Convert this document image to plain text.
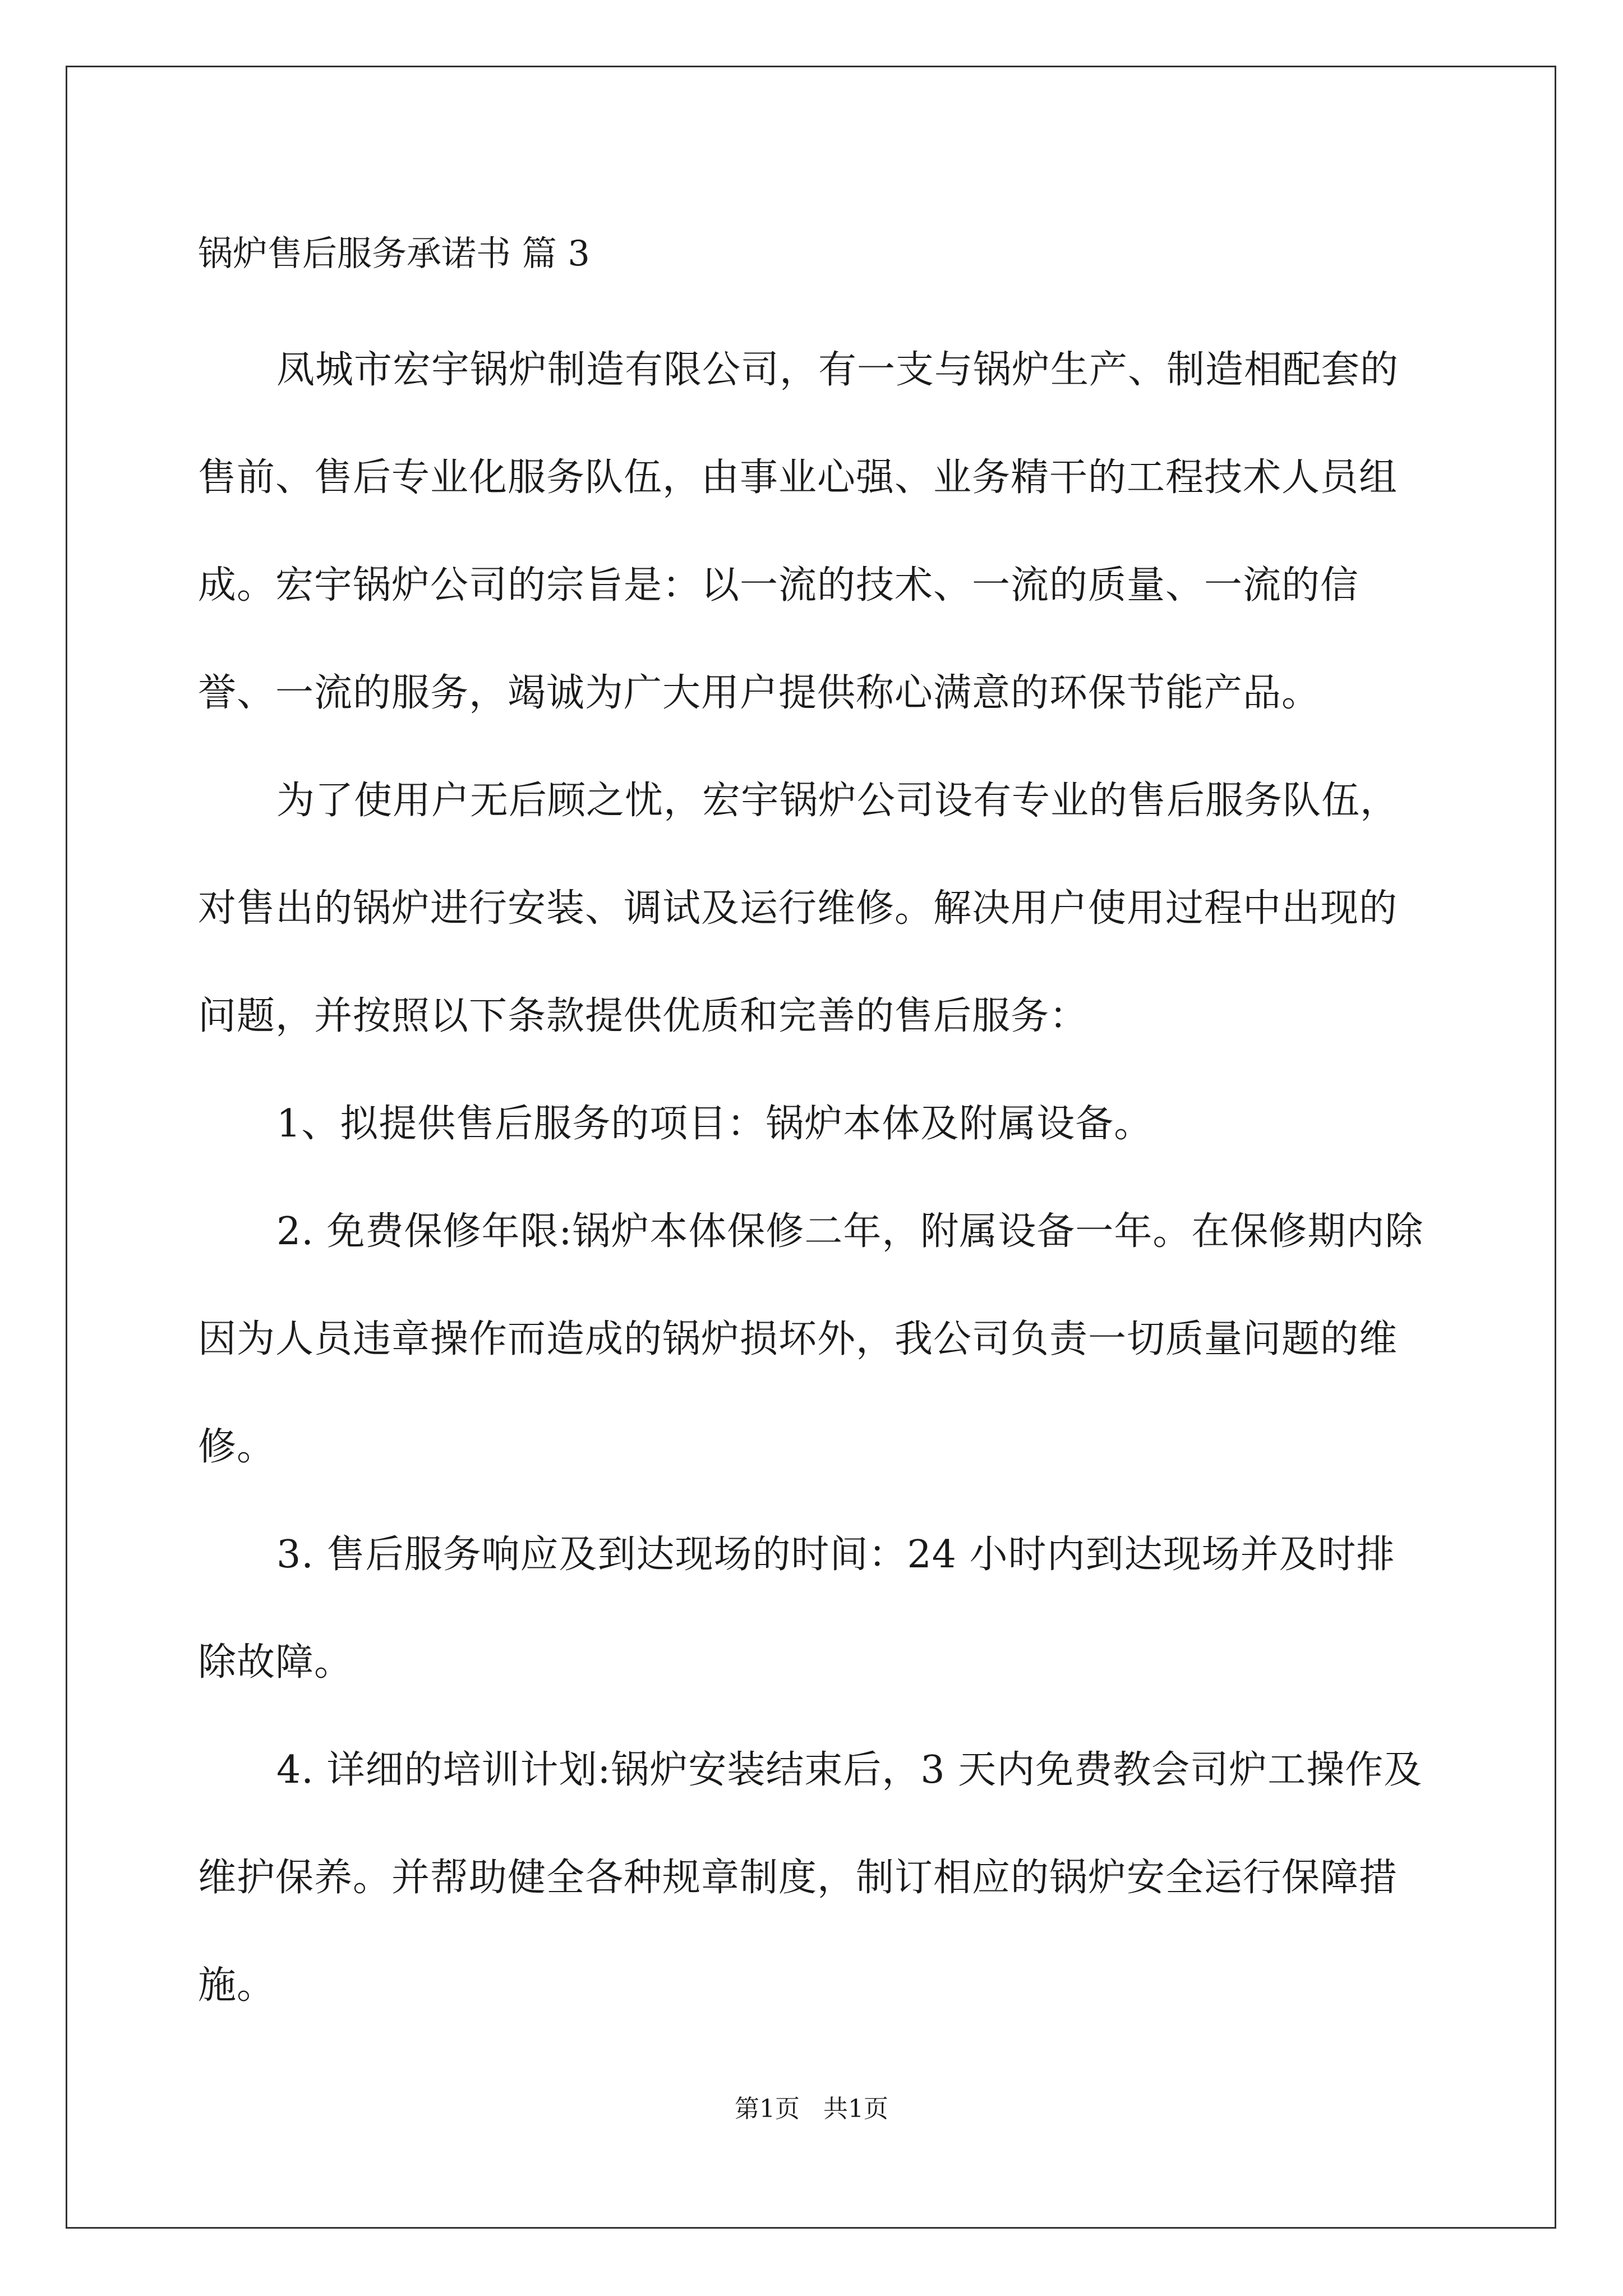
锅炉售后服务承诺书 篇 3

凤城市宏宇锅炉制造有限公司，有一支与锅炉生产、制造相配套的售前、售后专业化服务队伍，由事业心强、业务精干的工程技术人员组成。宏宇锅炉公司的宗旨是：以一流的技术、一流的质量、一流的信誉、一流的服务，竭诚为广大用户提供称心满意的环保节能产品。

为了使用户无后顾之忧，宏宇锅炉公司设有专业的售后服务队伍，对售出的锅炉进行安装、调试及运行维修。解决用户使用过程中出现的问题，并按照以下条款提供优质和完善的售后服务：

1、拟提供售后服务的项目：锅炉本体及附属设备。

2. 免费保修年限:锅炉本体保修二年，附属设备一年。在保修期内除因为人员违章操作而造成的锅炉损坏外，我公司负责一切质量问题的维修。

3. 售后服务响应及到达现场的时间：24 小时内到达现场并及时排除故障。

4. 详细的培训计划:锅炉安装结束后，3 天内免费教会司炉工操作及维护保养。并帮助健全各种规章制度，制订相应的锅炉安全运行保障措施。

第1页   共1页
